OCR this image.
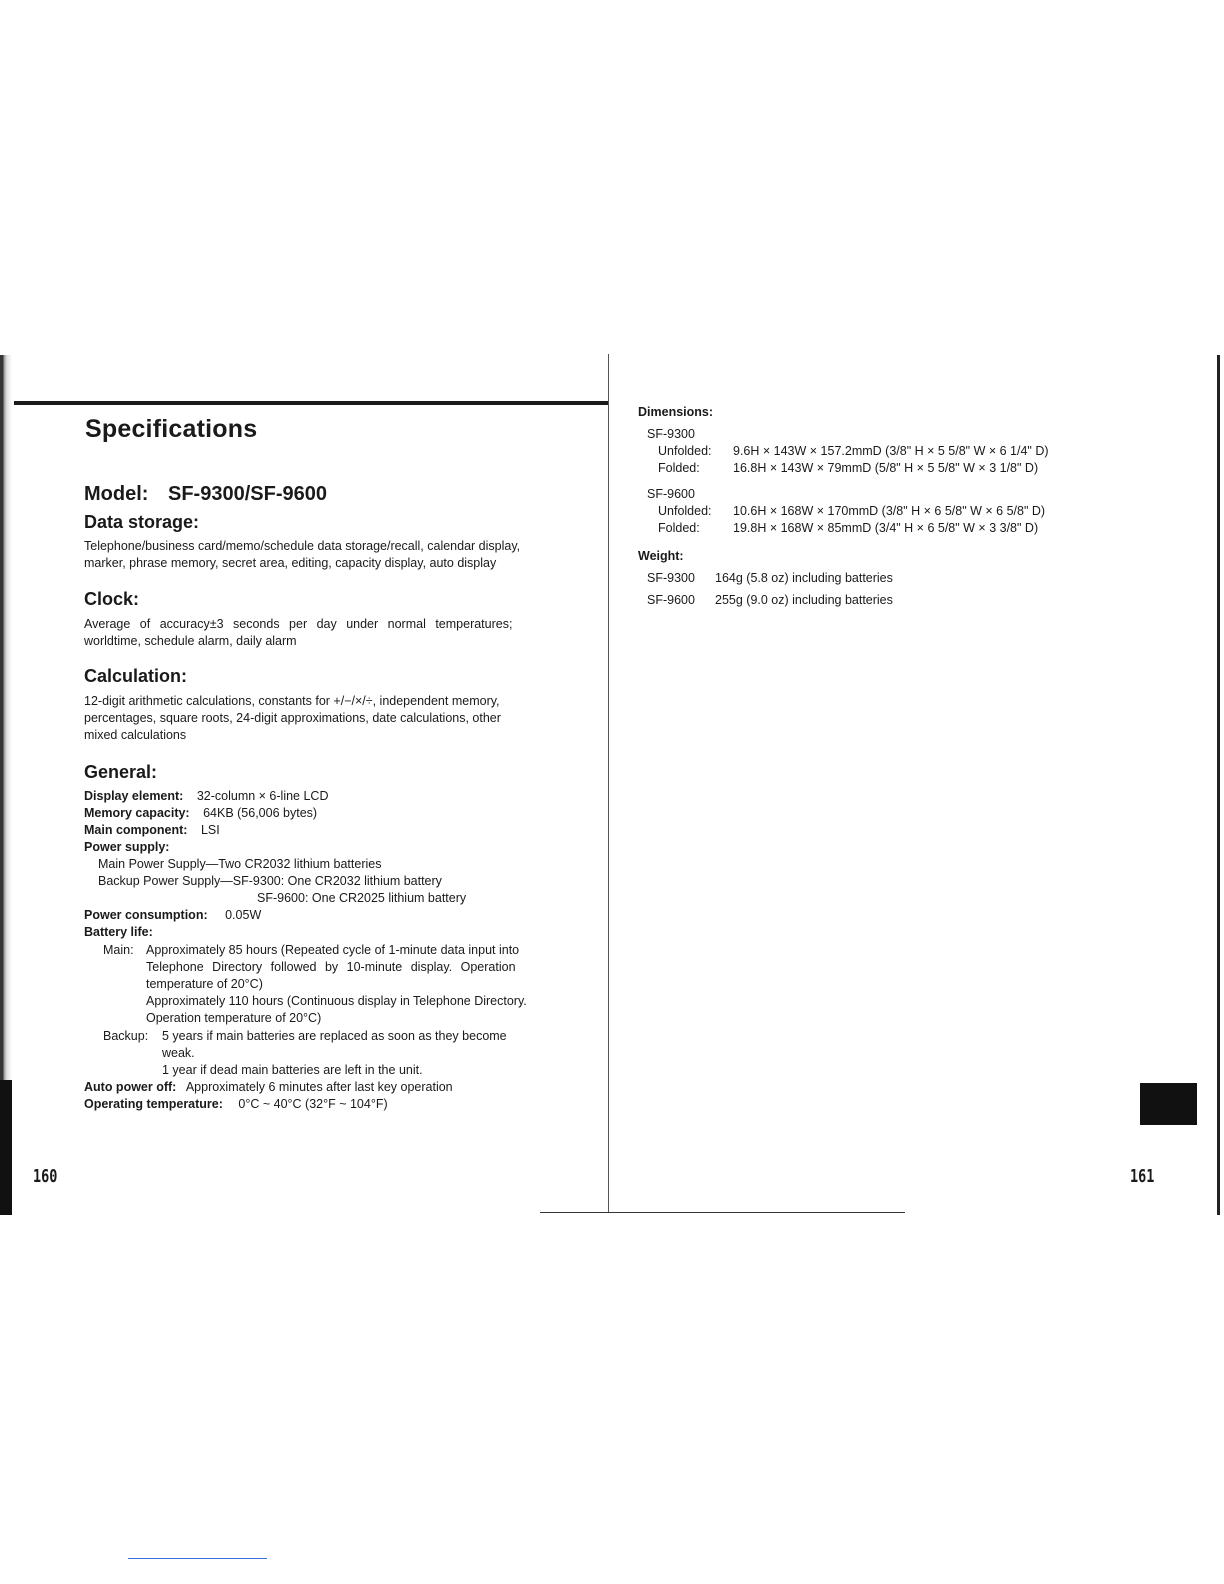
Specifications
Model: SF-9300/SF-9600
Data storage:
Telephone/business card/memo/schedule data storage/recall, calendar display,
marker, phrase memory, secret area, editing, capacity display, auto display
Clock:
Average of accuracy±3 seconds per day under normal temperatures;
worldtime, schedule alarm, daily alarm
Calculation:
12-digit arithmetic calculations, constants for +/−/×/÷, independent memory,
percentages, square roots, 24-digit approximations, date calculations, other
mixed calculations
General:
Display element: 32-column × 6-line LCD
Memory capacity: 64KB (56,006 bytes)
Main component: LSI
Power supply:
Main Power Supply—Two CR2032 lithium batteries
Backup Power Supply—SF-9300: One CR2032 lithium battery
SF-9600: One CR2025 lithium battery
Power consumption: 0.05W
Battery life:
Main: Approximately 85 hours (Repeated cycle of 1-minute data input into
Telephone Directory followed by 10-minute display. Operation
temperature of 20°C)
Approximately 110 hours (Continuous display in Telephone Directory.
Operation temperature of 20°C)
Backup: 5 years if main batteries are replaced as soon as they become
weak.
1 year if dead main batteries are left in the unit.
Auto power off: Approximately 6 minutes after last key operation
Operating temperature: 0°C ~ 40°C (32°F ~ 104°F)
160
Dimensions:
SF-9300
Unfolded: 9.6H × 143W × 157.2mmD (3/8" H × 5 5/8" W × 6 1/4" D)
Folded:	16.8H × 143W × 79mmD (5/8" H × 5 5/8" W × 3 1/8" D)
SF-9600
Unfolded: 10.6H × 168W × 170mmD (3/8" H × 6 5/8" W × 6 5/8" D)
Folded:	19.8H × 168W × 85mmD (3/4" H × 6 5/8" W × 3 3/8" D)
Weight:
SF-9300 164g (5.8 oz) including batteries
SF-9600 255g (9.0 oz) including batteries
161
